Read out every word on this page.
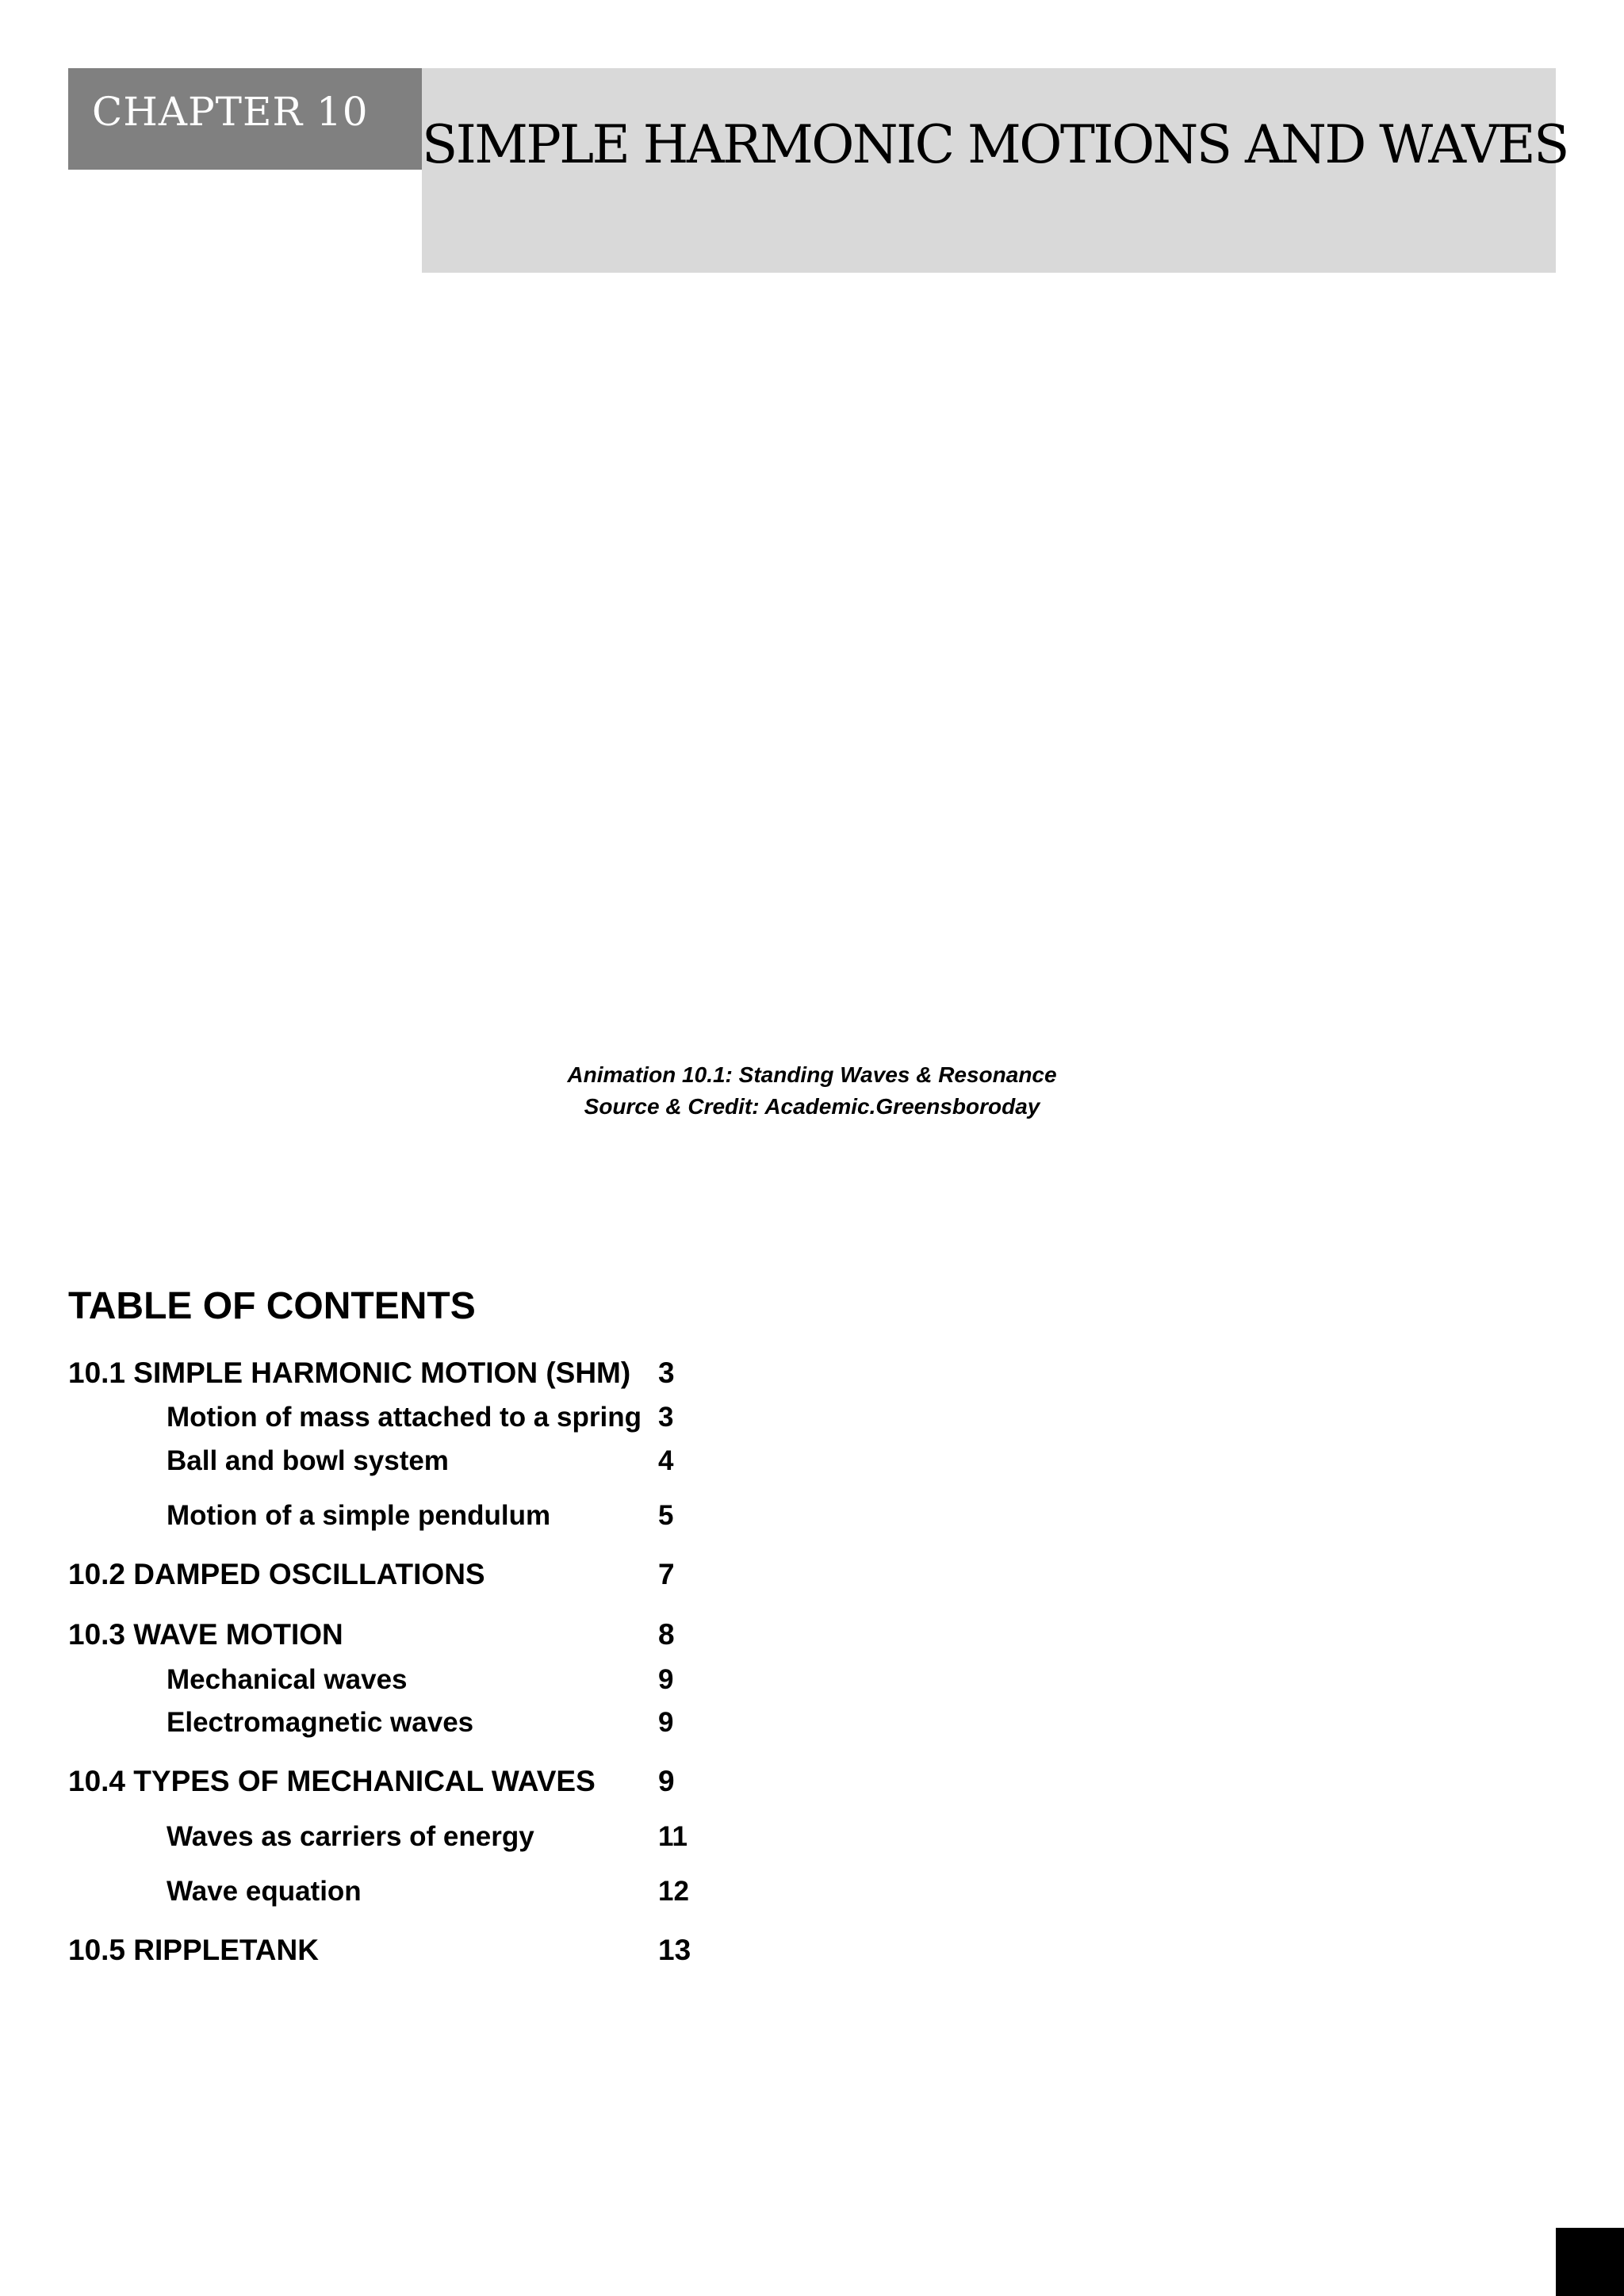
CHAPTER 10
SIMPLE HARMONIC MOTIONS AND WAVES
Animation 10.1: Standing Waves & Resonance
Source & Credit: Academic.Greensboroday
TABLE OF CONTENTS
10.1 SIMPLE HARMONIC MOTION (SHM) 3
Motion of mass attached to a spring 3
Ball and bowl system	4
Motion of a simple pendulum	5
10.2 DAMPED OSCILLATIONS	7
10.3 WAVE MOTION	8
Mechanical waves	9
Electromagnetic waves	9
10.4 TYPES OF MECHANICAL WAVES 9
Waves as carriers of energy	11
Wave equation	12
10.5 RIPPLETANK	13
